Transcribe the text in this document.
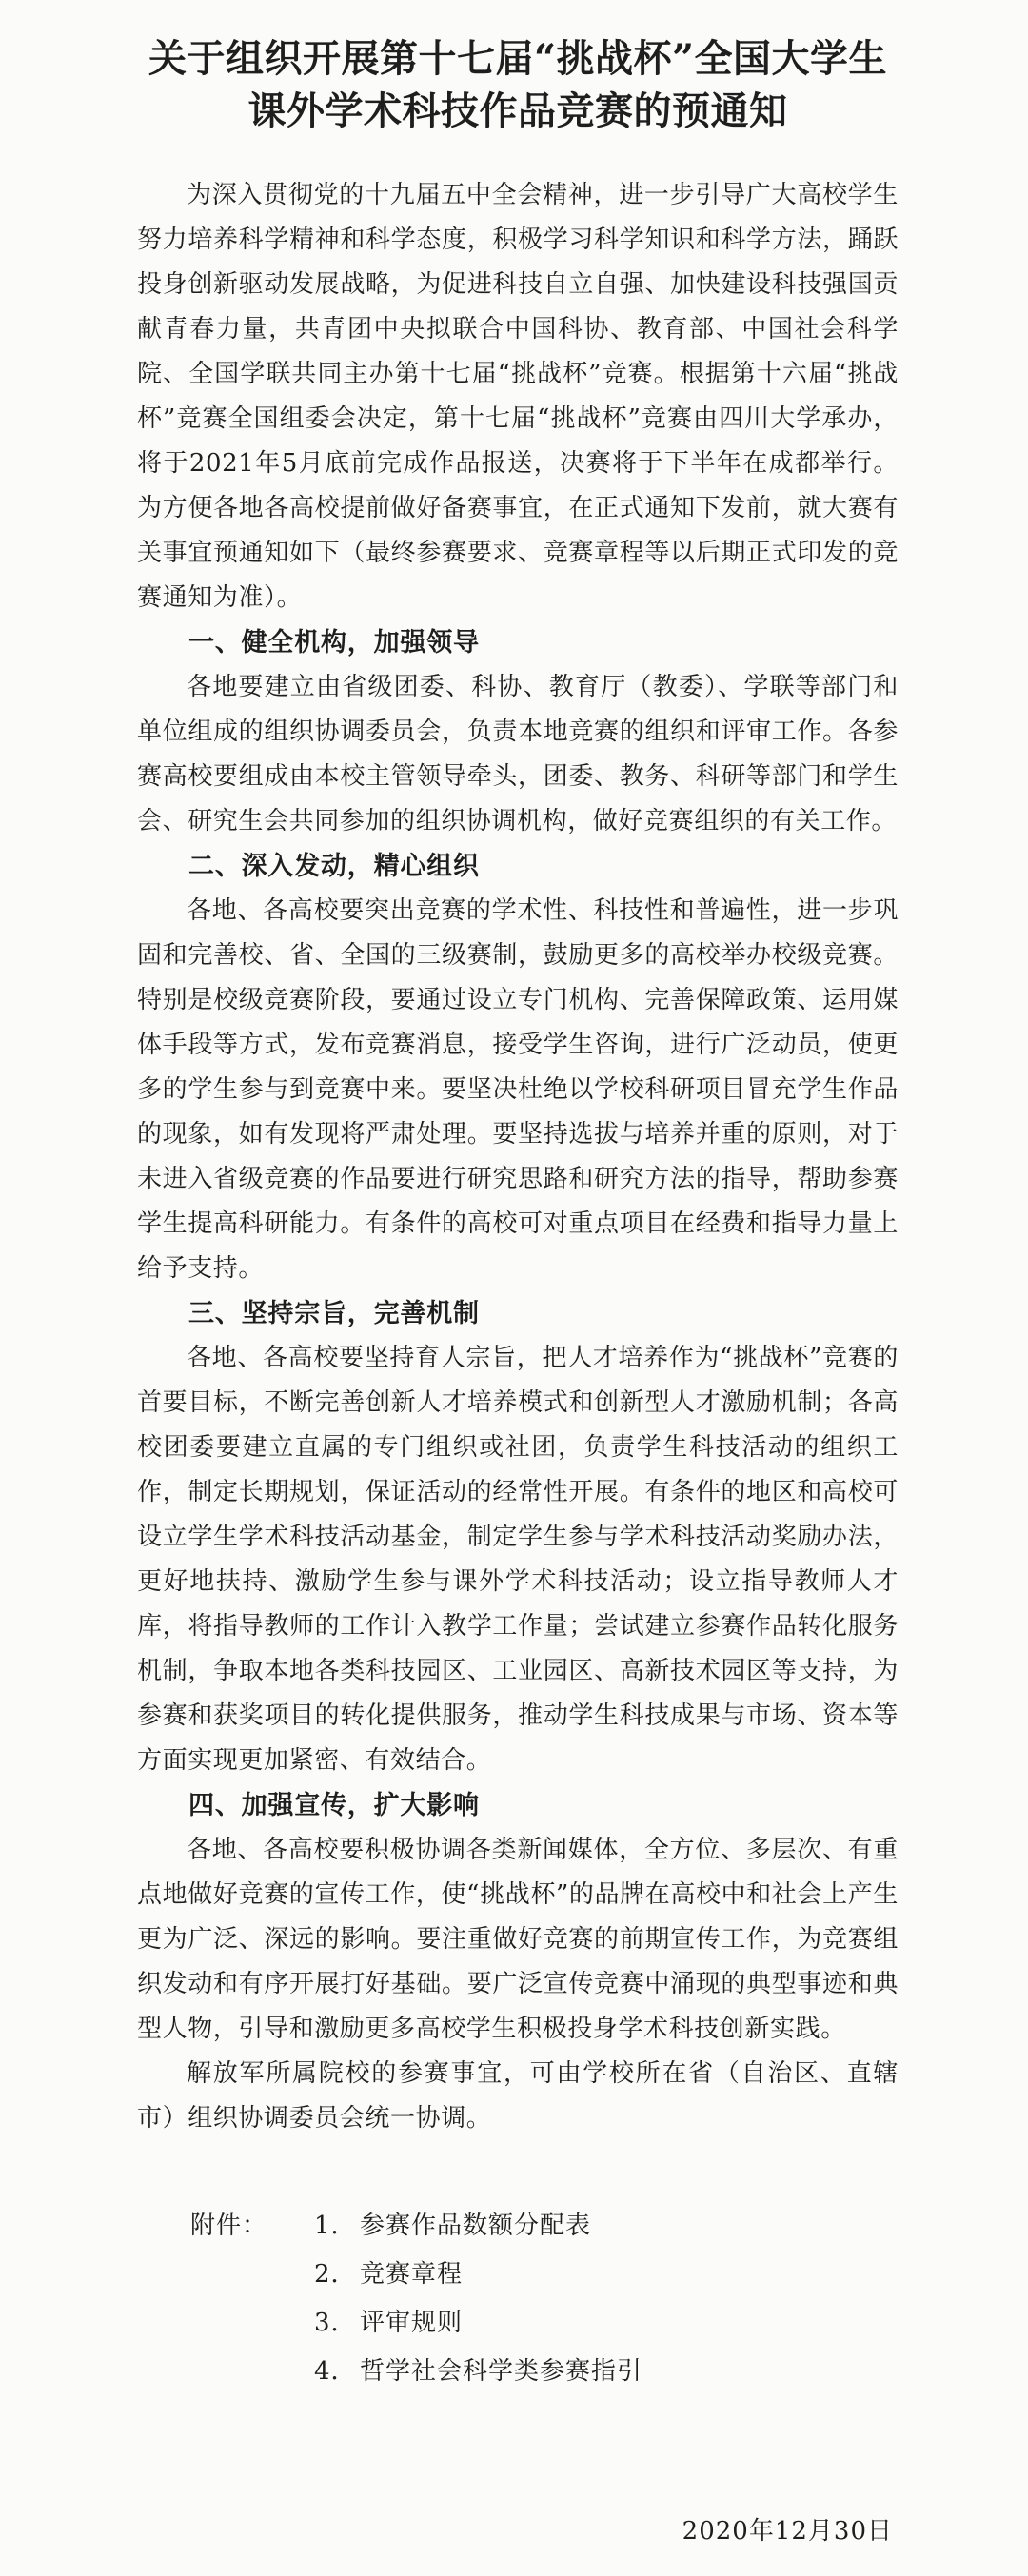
关于组织开展第十七届“挑战杯”全国大学生
课外学术科技作品竞赛的预通知

为深入贯彻党的十九届五中全会精神，进一步引导广大高校学生努力培养科学精神和科学态度，积极学习科学知识和科学方法，踊跃投身创新驱动发展战略，为促进科技自立自强、加快建设科技强国贡献青春力量，共青团中央拟联合中国科协、教育部、中国社会科学院、全国学联共同主办第十七届“挑战杯”竞赛。根据第十六届“挑战杯”竞赛全国组委会决定，第十七届“挑战杯”竞赛由四川大学承办，将于2021年5月底前完成作品报送，决赛将于下半年在成都举行。为方便各地各高校提前做好备赛事宜，在正式通知下发前，就大赛有关事宜预通知如下（最终参赛要求、竞赛章程等以后期正式印发的竞赛通知为准）。

一、健全机构，加强领导

各地要建立由省级团委、科协、教育厅（教委）、学联等部门和单位组成的组织协调委员会，负责本地竞赛的组织和评审工作。各参赛高校要组成由本校主管领导牵头，团委、教务、科研等部门和学生会、研究生会共同参加的组织协调机构，做好竞赛组织的有关工作。

二、深入发动，精心组织

各地、各高校要突出竞赛的学术性、科技性和普遍性，进一步巩固和完善校、省、全国的三级赛制，鼓励更多的高校举办校级竞赛。特别是校级竞赛阶段，要通过设立专门机构、完善保障政策、运用媒体手段等方式，发布竞赛消息，接受学生咨询，进行广泛动员，使更多的学生参与到竞赛中来。要坚决杜绝以学校科研项目冒充学生作品的现象，如有发现将严肃处理。要坚持选拔与培养并重的原则，对于未进入省级竞赛的作品要进行研究思路和研究方法的指导，帮助参赛学生提高科研能力。有条件的高校可对重点项目在经费和指导力量上给予支持。

三、坚持宗旨，完善机制

各地、各高校要坚持育人宗旨，把人才培养作为“挑战杯”竞赛的首要目标，不断完善创新人才培养模式和创新型人才激励机制；各高校团委要建立直属的专门组织或社团，负责学生科技活动的组织工作，制定长期规划，保证活动的经常性开展。有条件的地区和高校可设立学生学术科技活动基金，制定学生参与学术科技活动奖励办法，更好地扶持、激励学生参与课外学术科技活动；设立指导教师人才库，将指导教师的工作计入教学工作量；尝试建立参赛作品转化服务机制，争取本地各类科技园区、工业园区、高新技术园区等支持，为参赛和获奖项目的转化提供服务，推动学生科技成果与市场、资本等方面实现更加紧密、有效结合。

四、加强宣传，扩大影响

各地、各高校要积极协调各类新闻媒体，全方位、多层次、有重点地做好竞赛的宣传工作，使“挑战杯”的品牌在高校中和社会上产生更为广泛、深远的影响。要注重做好竞赛的前期宣传工作，为竞赛组织发动和有序开展打好基础。要广泛宣传竞赛中涌现的典型事迹和典型人物，引导和激励更多高校学生积极投身学术科技创新实践。

解放军所属院校的参赛事宜，可由学校所在省（自治区、直辖市）组织协调委员会统一协调。

附件：	1． 参赛作品数额分配表
2． 竞赛章程
3． 评审规则
4． 哲学社会科学类参赛指引
2020年12月30日
